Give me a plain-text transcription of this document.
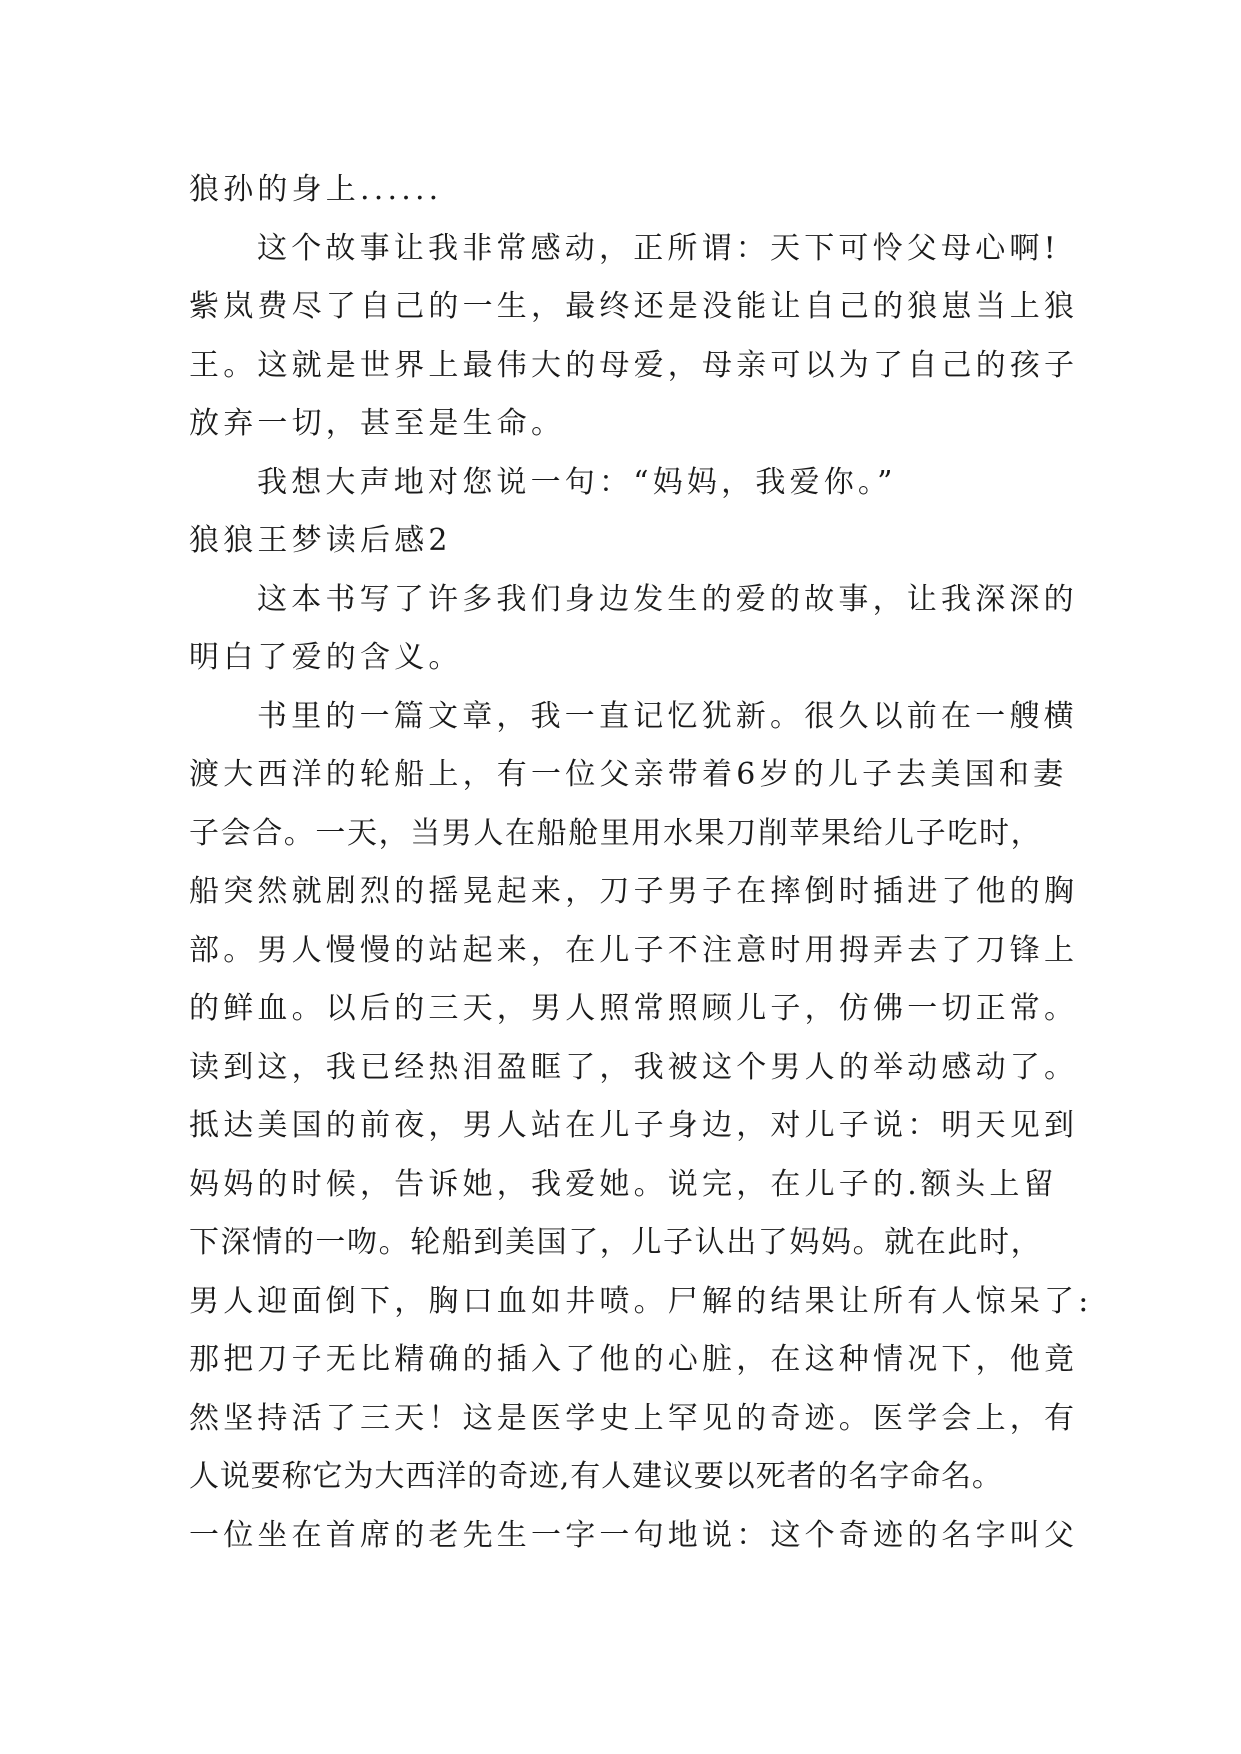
狼孙的身上......
这个故事让我非常感动，正所谓：天下可怜父母心啊!
紫岚费尽了自己的一生，最终还是没能让自己的狼崽当上狼
王。这就是世界上最伟大的母爱，母亲可以为了自己的孩子
放弃一切，甚至是生命。
我想大声地对您说一句：“妈妈，我爱你。”
狼狼王梦读后感2
这本书写了许多我们身边发生的爱的故事，让我深深的
明白了爱的含义。
书里的一篇文章，我一直记忆犹新。很久以前在一艘横
渡大西洋的轮船上，有一位父亲带着6岁的儿子去美国和妻
子会合。一天，当男人在船舱里用水果刀削苹果给儿子吃时，
船突然就剧烈的摇晃起来，刀子男子在摔倒时插进了他的胸
部。男人慢慢的站起来，在儿子不注意时用拇弄去了刀锋上
的鲜血。以后的三天，男人照常照顾儿子，仿佛一切正常。
读到这，我已经热泪盈眶了，我被这个男人的举动感动了。
抵达美国的前夜，男人站在儿子身边，对儿子说：明天见到
妈妈的时候，告诉她，我爱她。说完，在儿子的.额头上留
下深情的一吻。轮船到美国了，儿子认出了妈妈。就在此时，
男人迎面倒下，胸口血如井喷。尸解的结果让所有人惊呆了:
那把刀子无比精确的插入了他的心脏，在这种情况下，他竟
然坚持活了三天！这是医学史上罕见的奇迹。医学会上，有
人说要称它为大西洋的奇迹,有人建议要以死者的名字命名。
一位坐在首席的老先生一字一句地说：这个奇迹的名字叫父
